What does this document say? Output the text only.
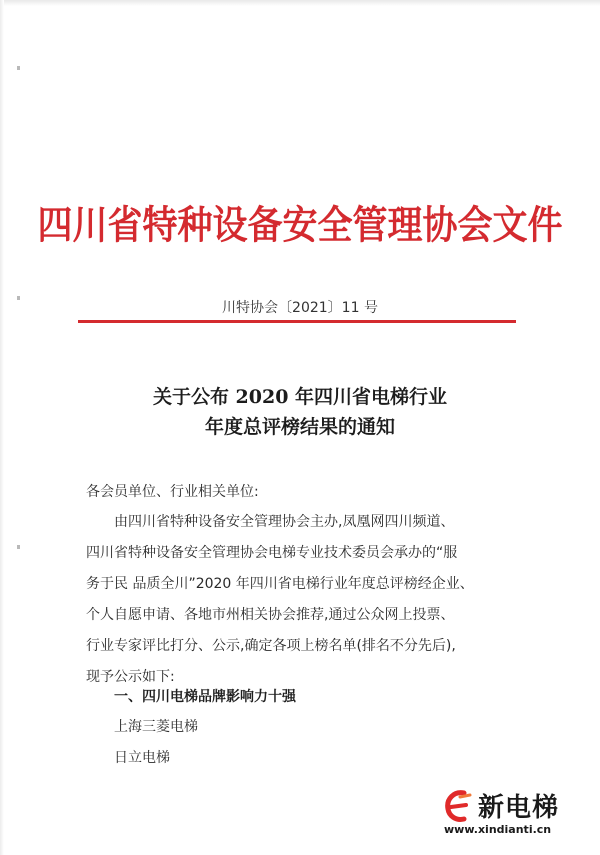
四川省特种设备安全管理协会文件
川特协会〔2021〕11 号
关于公布 2020 年四川省电梯行业
年度总评榜结果的通知
各会员单位、行业相关单位:
由四川省特种设备安全管理协会主办,凤凰网四川频道、
四川省特种设备安全管理协会电梯专业技术委员会承办的“服
务于民 品质全川”2020 年四川省电梯行业年度总评榜经企业、
个人自愿申请、各地市州相关协会推荐,通过公众网上投票、
行业专家评比打分、公示,确定各项上榜名单(排名不分先后),
现予公示如下:
一、四川电梯品牌影响力十强
上海三菱电梯
日立电梯
新电梯
www.xindianti.cn
